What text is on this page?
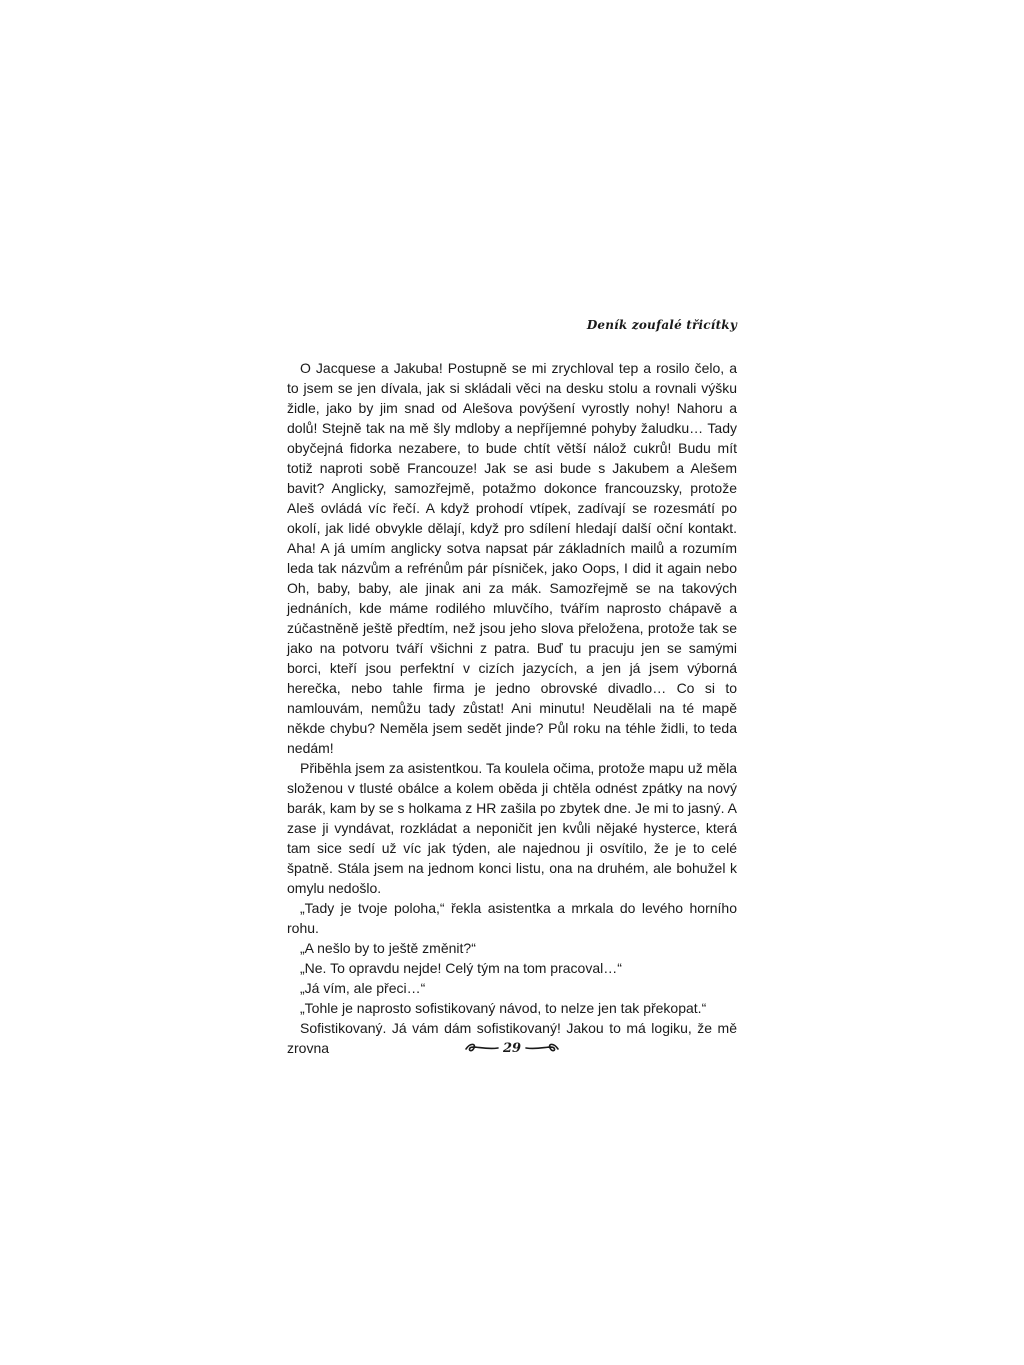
Deník zoufalé třicítky

O Jacquese a Jakuba! Postupně se mi zrychloval tep a rosilo čelo, a to jsem se jen dívala, jak si skládali věci na desku stolu a rovnali výšku židle, jako by jim snad od Alešova povýšení vyrostly nohy! Nahoru a dolů! Stejně tak na mě šly mdloby a nepříjemné pohyby žaludku… Tady obyčejná fidorka nezabere, to bude chtít větší nálož cukrů! Budu mít totiž naproti sobě Francouze! Jak se asi bude s Jakubem a Alešem bavit? Anglicky, samozřejmě, potažmo dokonce francouzsky, protože Aleš ovládá víc řečí. A když prohodí vtípek, zadívají se rozesmátí po okolí, jak lidé obvykle dělají, když pro sdílení hledají další oční kontakt. Aha! A já umím anglicky sotva napsat pár základních mailů a rozumím leda tak názvům a refrénům pár písniček, jako Oops, I did it again nebo Oh, baby, baby, ale jinak ani za mák. Samozřejmě se na takových jednáních, kde máme rodilého mluvčího, tvářím naprosto chápavě a zúčastněně ještě předtím, než jsou jeho slova přeložena, protože tak se jako na potvoru tváří všichni z patra. Buď tu pracuju jen se samými borci, kteří jsou perfektní v cizích jazycích, a jen já jsem výborná herečka, nebo tahle firma je jedno obrovské divadlo… Co si to namlouvám, nemůžu tady zůstat! Ani minutu! Neudělali na té mapě někde chybu? Neměla jsem sedět jinde? Půl roku na téhle židli, to teda nedám!

Přiběhla jsem za asistentkou. Ta koulela očima, protože mapu už měla složenou v tlusté obálce a kolem oběda ji chtěla odnést zpátky na nový barák, kam by se s holkama z HR zašila po zbytek dne. Je mi to jasný. A zase ji vyndávat, rozkládat a neponičit jen kvůli nějaké hysterce, která tam sice sedí už víc jak týden, ale najednou ji osvítilo, že je to celé špatně. Stála jsem na jednom konci listu, ona na druhém, ale bohužel k omylu nedošlo.

„Tady je tvoje poloha,“ řekla asistentka a mrkala do levého horního rohu.

„A nešlo by to ještě změnit?“

„Ne. To opravdu nejde! Celý tým na tom pracoval…“

„Já vím, ale přeci…“

„Tohle je naprosto sofistikovaný návod, to nelze jen tak překopat.“

Sofistikovaný. Já vám dám sofistikovaný! Jakou to má logiku, že mě zrovna	29
